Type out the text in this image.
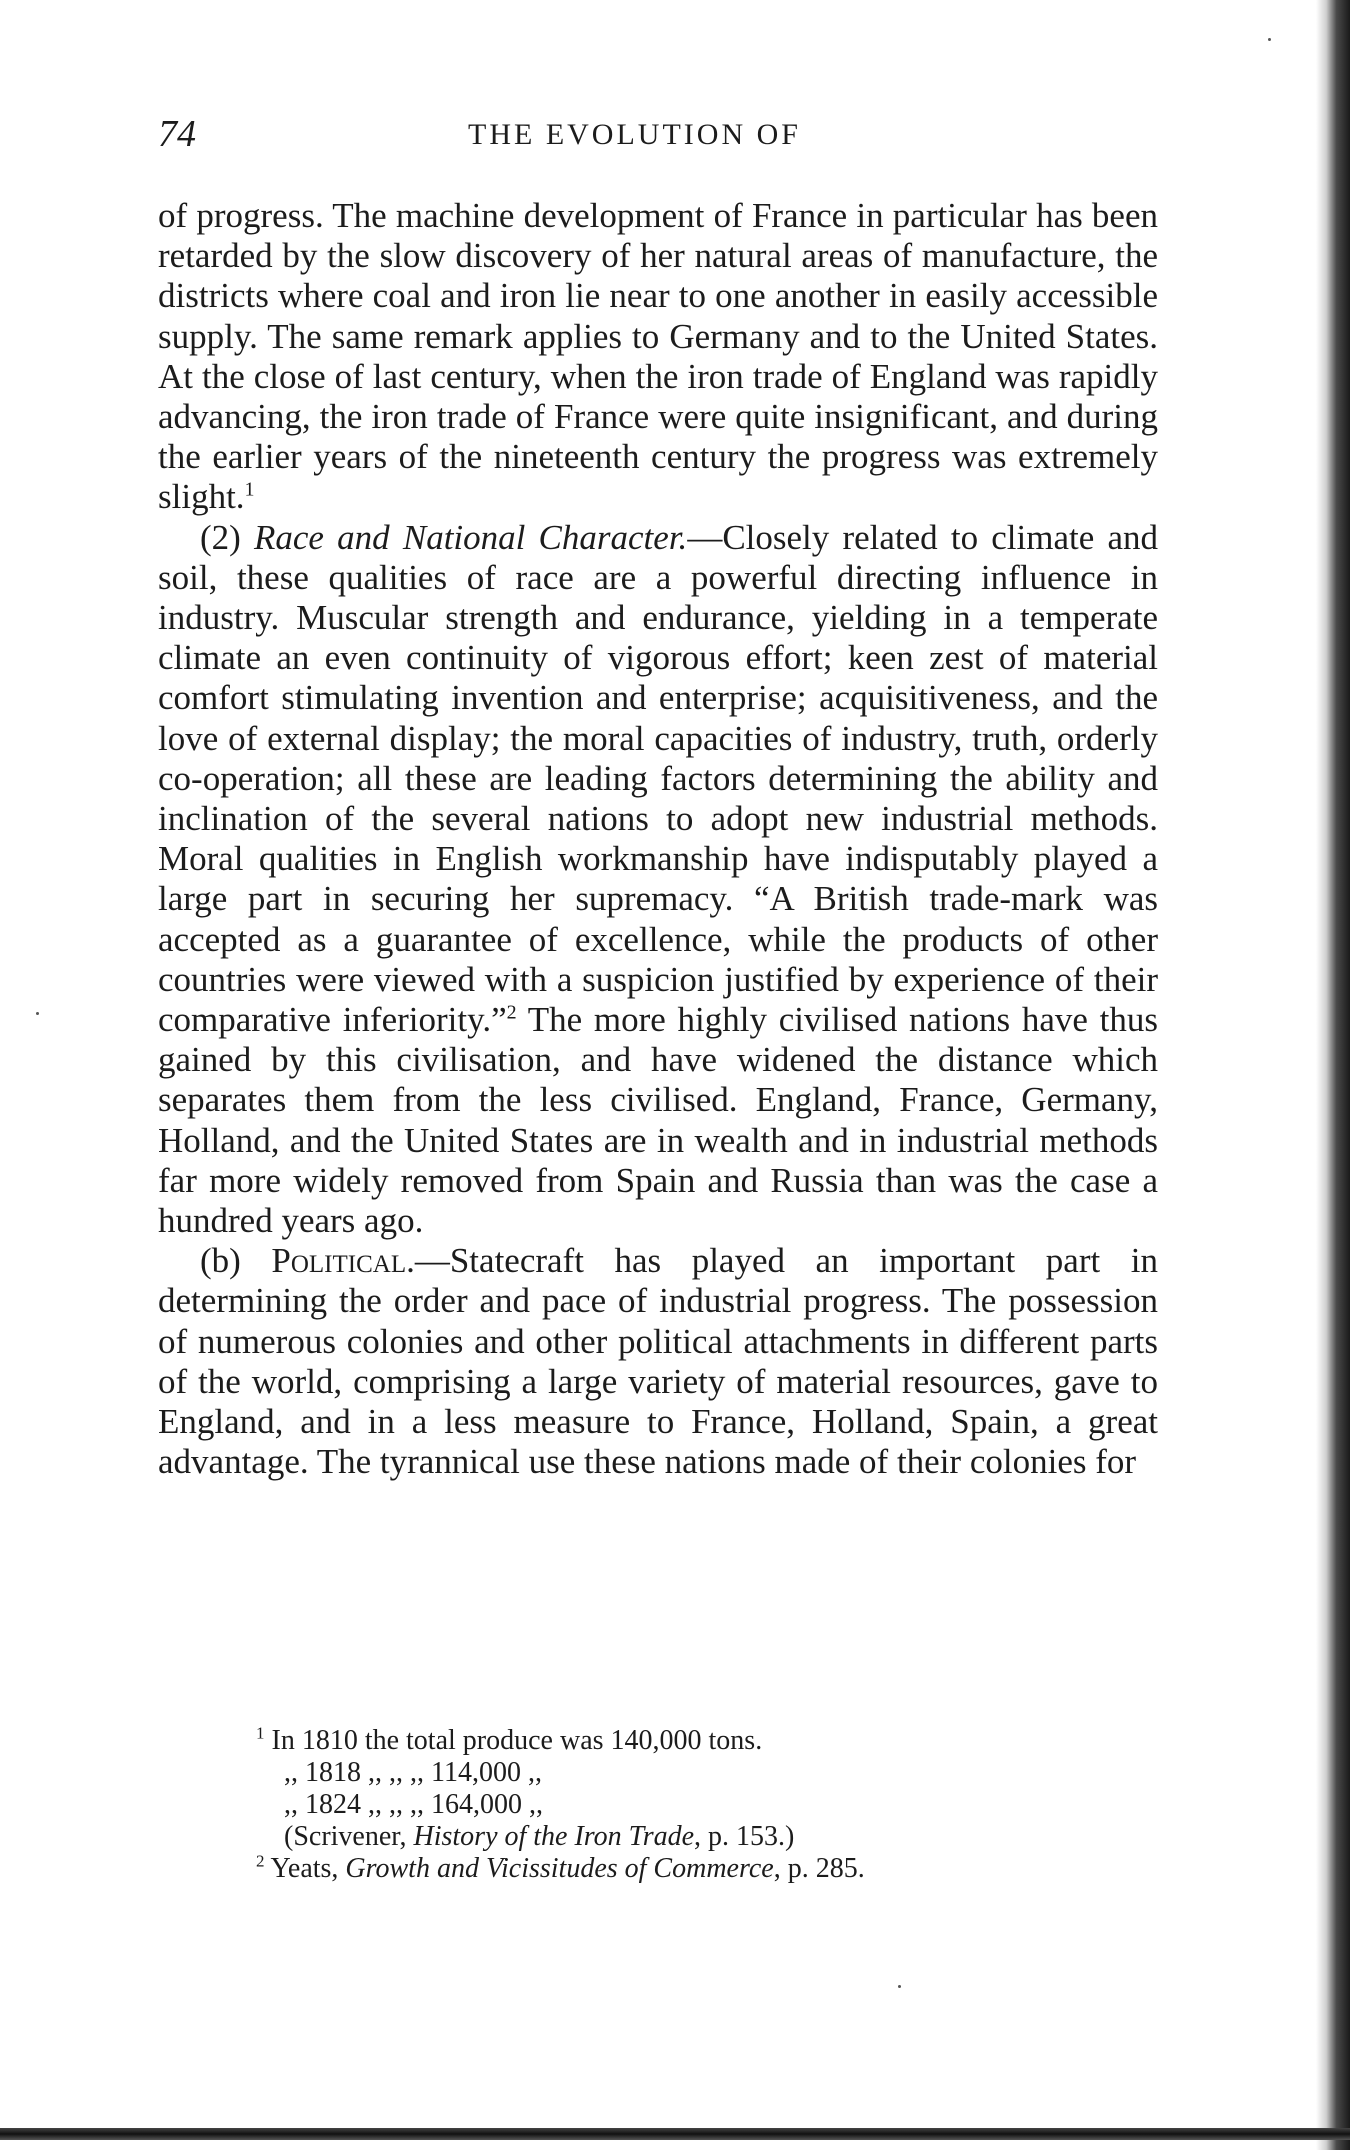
74	THE EVOLUTION OF

of progress. The machine development of France in particular has been retarded by the slow discovery of her natural areas of manufacture, the districts where coal and iron lie near to one another in easily accessible supply. The same remark applies to Germany and to the United States. At the close of last century, when the iron trade of England was rapidly advancing, the iron trade of France were quite insignificant, and during the earlier years of the nineteenth century the progress was extremely slight.$^1$

(2) Race and National Character.—Closely related to climate and soil, these qualities of race are a powerful directing influence in industry. Muscular strength and endurance, yielding in a temperate climate an even continuity of vigorous effort; keen zest of material comfort stimulating invention and enterprise; acquisitiveness, and the love of external display; the moral capacities of industry, truth, orderly co-operation; all these are leading factors determining the ability and inclination of the several nations to adopt new industrial methods. Moral qualities in English workmanship have indisputably played a large part in securing her supremacy. “A British trade-mark was accepted as a guarantee of excellence, while the products of other countries were viewed with a suspicion justified by experience of their comparative inferiority.”$^2$ The more highly civilised nations have thus gained by this civilisation, and have widened the distance which separates them from the less civilised. England, France, Germany, Holland, and the United States are in wealth and in industrial methods far more widely removed from Spain and Russia than was the case a hundred years ago.

(b) Political.—Statecraft has played an important part in determining the order and pace of industrial progress. The possession of numerous colonies and other political attachments in different parts of the world, comprising a large variety of material resources, gave to England, and in a less measure to France, Holland, Spain, a great advantage. The tyrannical use these nations made of their colonies for

$^1$ In 1810 the total produce was 140,000 tons.
,, 1818 ,, ,, ,, 114,000 ,,
,, 1824 ,, ,, ,, 164,000 ,,
(Scrivener, History of the Iron Trade, p. 153.)
$^2$ Yeats, Growth and Vicissitudes of Commerce, p. 285.
